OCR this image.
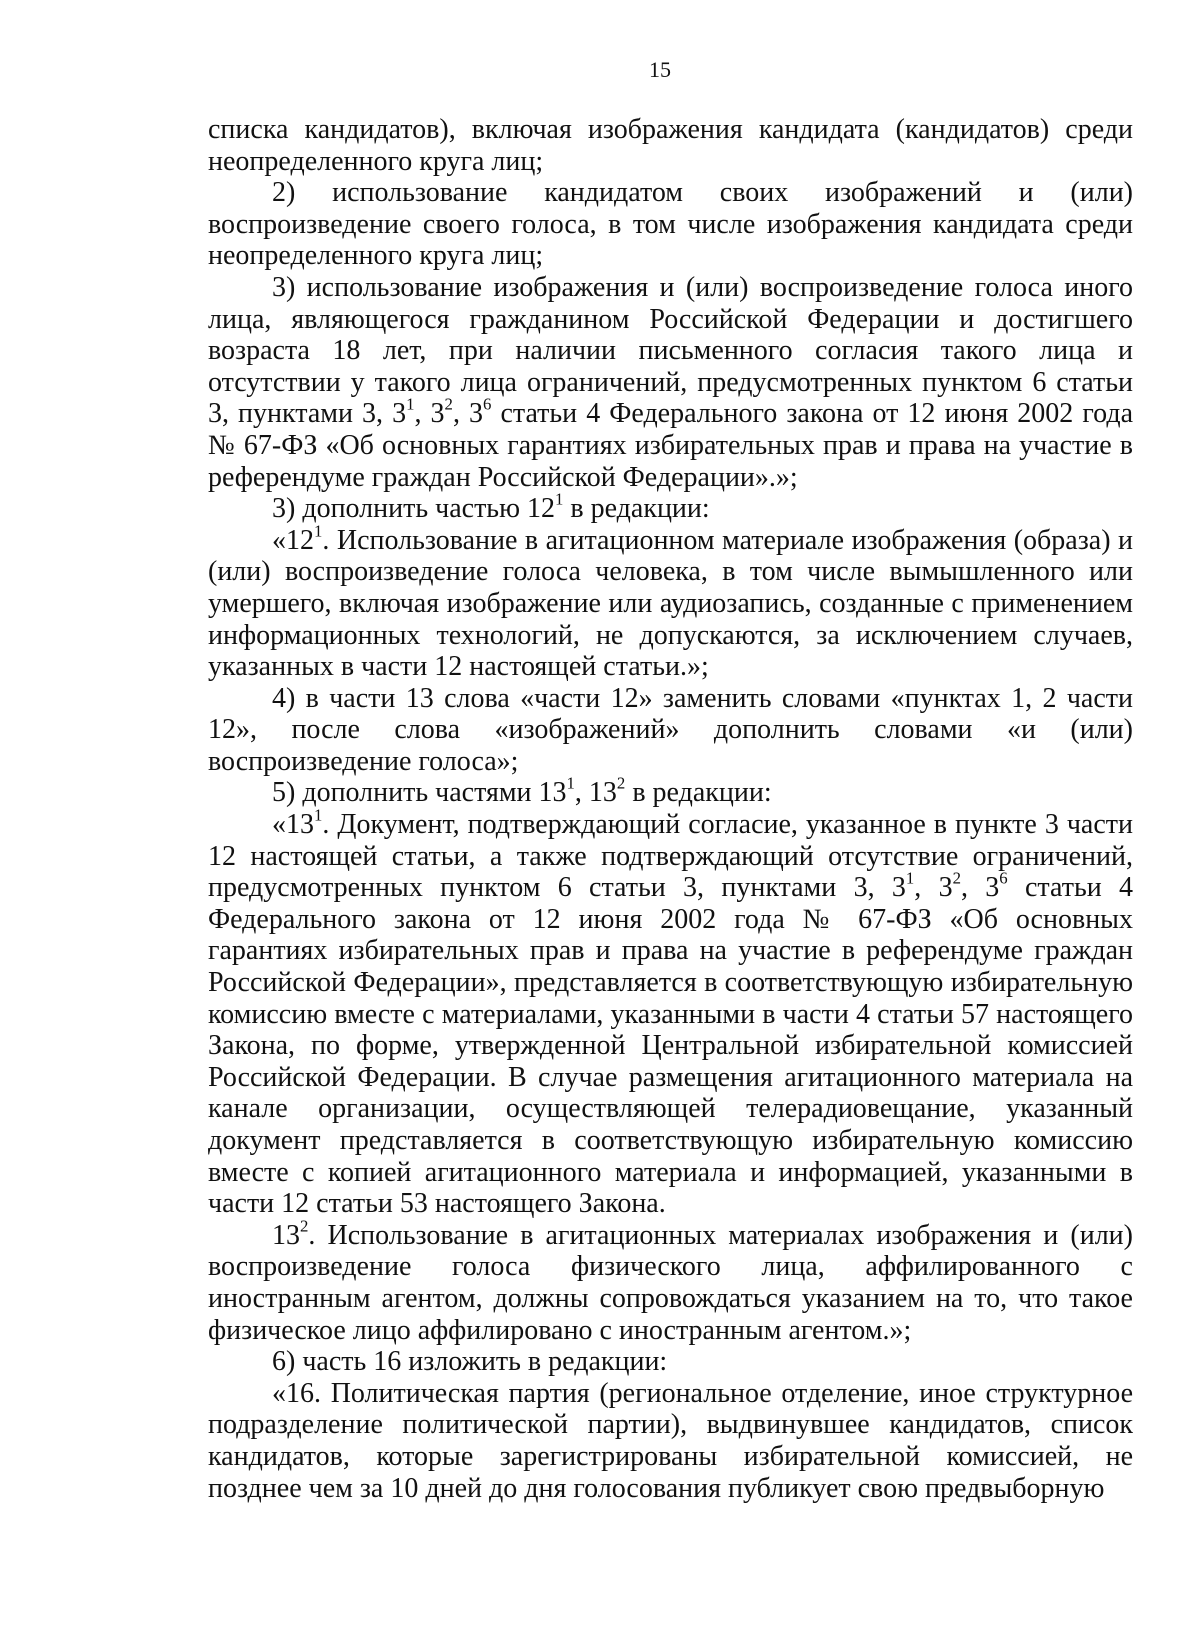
15

списка кандидатов), включая изображения кандидата (кандидатов) среди неопределенного круга лиц;

2) использование кандидатом своих изображений и (или) воспроизведение своего голоса, в том числе изображения кандидата среди неопределенного круга лиц;

3) использование изображения и (или) воспроизведение голоса иного лица, являющегося гражданином Российской Федерации и достигшего возраста 18 лет, при наличии письменного согласия такого лица и отсутствии у такого лица ограничений, предусмотренных пунктом 6 статьи 3, пунктами 3, $3^1$, $3^2$, $3^6$ статьи 4 Федерального закона от 12 июня 2002 года № 67-ФЗ «Об основных гарантиях избирательных прав и права на участие в референдуме граждан Российской Федерации».»;

3) дополнить частью $12^1$ в редакции:

«$12^1$. Использование в агитационном материале изображения (образа) и (или) воспроизведение голоса человека, в том числе вымышленного или умершего, включая изображение или аудиозапись, созданные с применением информационных технологий, не допускаются, за исключением случаев, указанных в части 12 настоящей статьи.»;

4) в части 13 слова «части 12» заменить словами «пунктах 1, 2 части 12», после слова «изображений» дополнить словами «и (или) воспроизведение голоса»;

5) дополнить частями $13^1$, $13^2$ в редакции:

«$13^1$. Документ, подтверждающий согласие, указанное в пункте 3 части 12 настоящей статьи, а также подтверждающий отсутствие ограничений, предусмотренных пунктом 6 статьи 3, пунктами 3, $3^1$, $3^2$, $3^6$ статьи 4 Федерального закона от 12 июня 2002 года № 67-ФЗ «Об основных гарантиях избирательных прав и права на участие в референдуме граждан Российской Федерации», представляется в соответствующую избирательную комиссию вместе с материалами, указанными в части 4 статьи 57 настоящего Закона, по форме, утвержденной Центральной избирательной комиссией Российской Федерации. В случае размещения агитационного материала на канале организации, осуществляющей телерадиовещание, указанный документ представляется в соответствующую избирательную комиссию вместе с копией агитационного материала и информацией, указанными в части 12 статьи 53 настоящего Закона.

$13^2$. Использование в агитационных материалах изображения и (или) воспроизведение голоса физического лица, аффилированного с иностранным агентом, должны сопровождаться указанием на то, что такое физическое лицо аффилировано с иностранным агентом.»;

6) часть 16 изложить в редакции:

«16. Политическая партия (региональное отделение, иное структурное подразделение политической партии), выдвинувшее кандидатов, список кандидатов, которые зарегистрированы избирательной комиссией, не позднее чем за 10 дней до дня голосования публикует свою предвыборную
